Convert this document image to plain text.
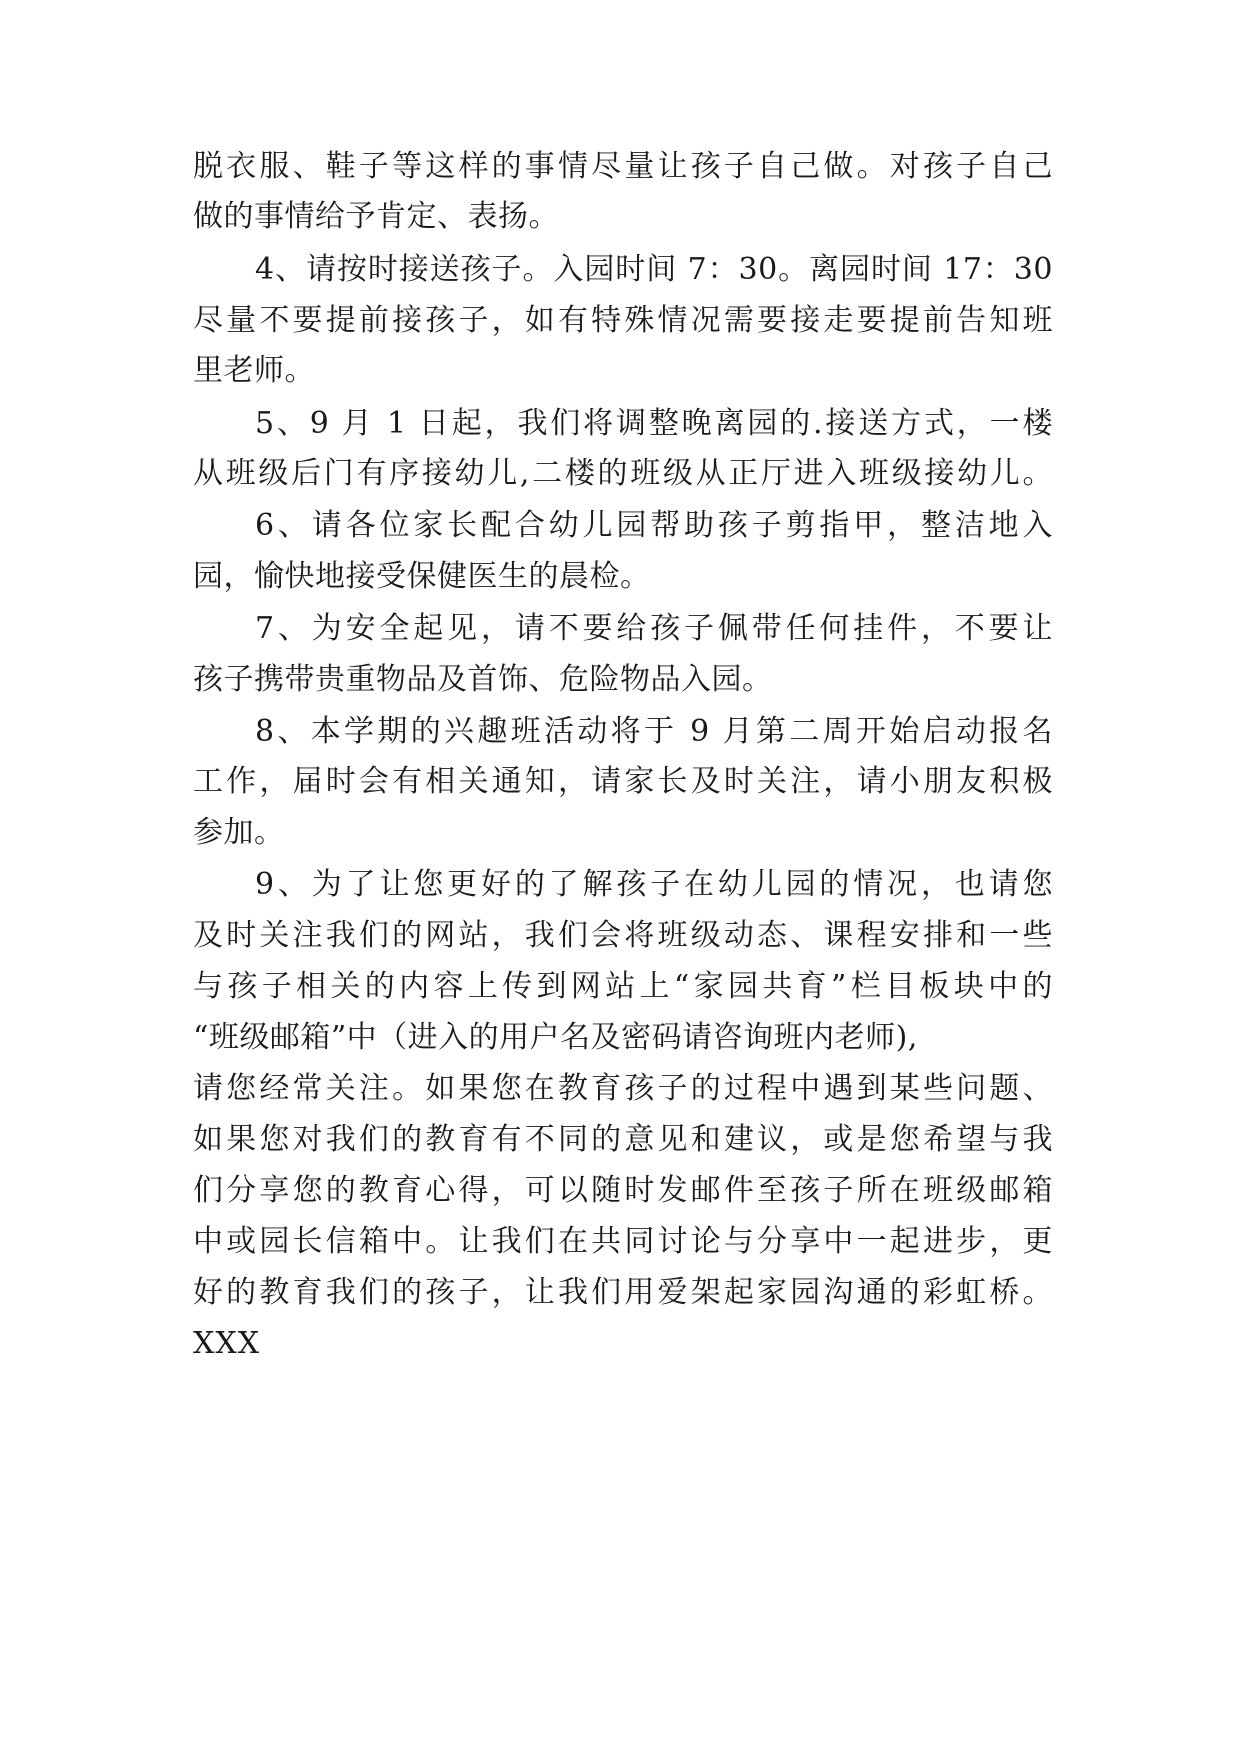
脱衣服、鞋子等这样的事情尽量让孩子自己做。对孩子自己
做的事情给予肯定、表扬。
4、请按时接送孩子。入园时间 7：30。离园时间 17：30
尽量不要提前接孩子，如有特殊情况需要接走要提前告知班
里老师。
5、9 月 1 日起，我们将调整晚离园的.接送方式，一楼
从班级后门有序接幼儿,二楼的班级从正厅进入班级接幼儿。
6、请各位家长配合幼儿园帮助孩子剪指甲，整洁地入
园，愉快地接受保健医生的晨检。
7、为安全起见，请不要给孩子佩带任何挂件，不要让
孩子携带贵重物品及首饰、危险物品入园。
8、本学期的兴趣班活动将于 9 月第二周开始启动报名
工作，届时会有相关通知，请家长及时关注，请小朋友积极
参加。
9、为了让您更好的了解孩子在幼儿园的情况，也请您
及时关注我们的网站，我们会将班级动态、课程安排和一些
与孩子相关的内容上传到网站上“家园共育”栏目板块中的
“班级邮箱”中（进入的用户名及密码请咨询班内老师),
请您经常关注。如果您在教育孩子的过程中遇到某些问题、
如果您对我们的教育有不同的意见和建议，或是您希望与我
们分享您的教育心得，可以随时发邮件至孩子所在班级邮箱
中或园长信箱中。让我们在共同讨论与分享中一起进步，更
好的教育我们的孩子，让我们用爱架起家园沟通的彩虹桥。
XXX
